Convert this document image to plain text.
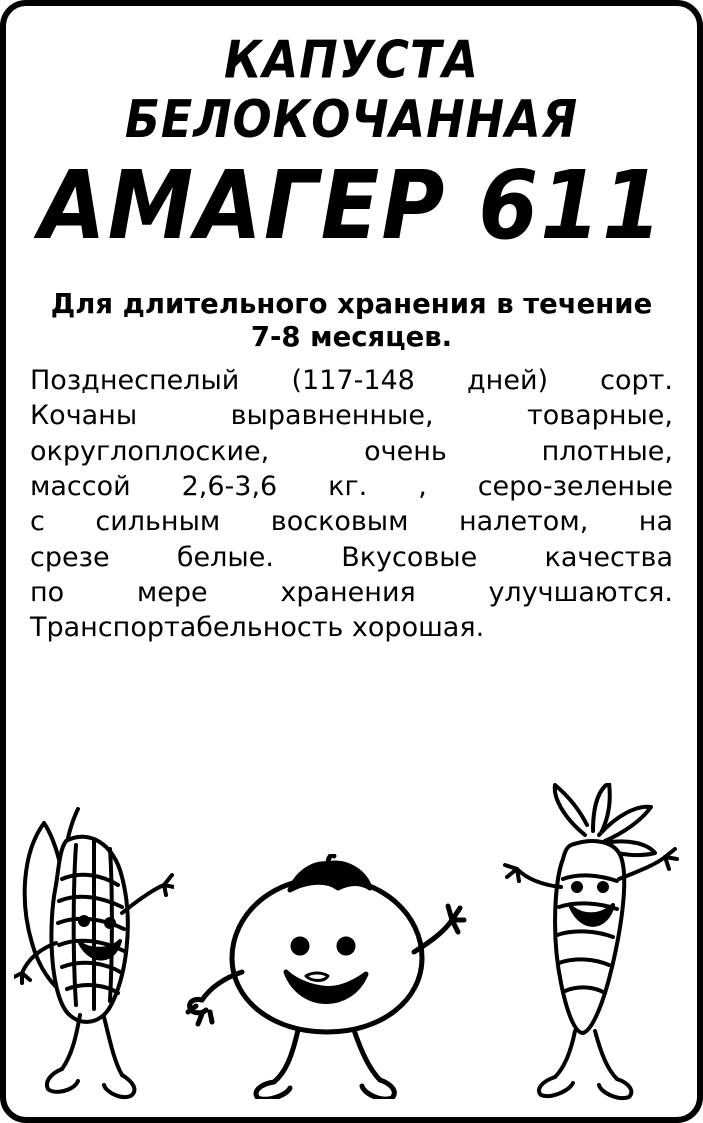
КАПУСТА
БЕЛОКОЧАННАЯ
АМАГЕР 611
Для длительного хранения в течение 7-8 месяцев.
Позднеспелый (117-148 дней) сорт.
Кочаны выравненные, товарные,
округлоплоские, очень плотные,
массой 2,6-3,6 кг. , серо-зеленые
с сильным восковым налетом, на
срезе белые. Вкусовые качества
по мере хранения улучшаются.
Транспортабельность хорошая.
